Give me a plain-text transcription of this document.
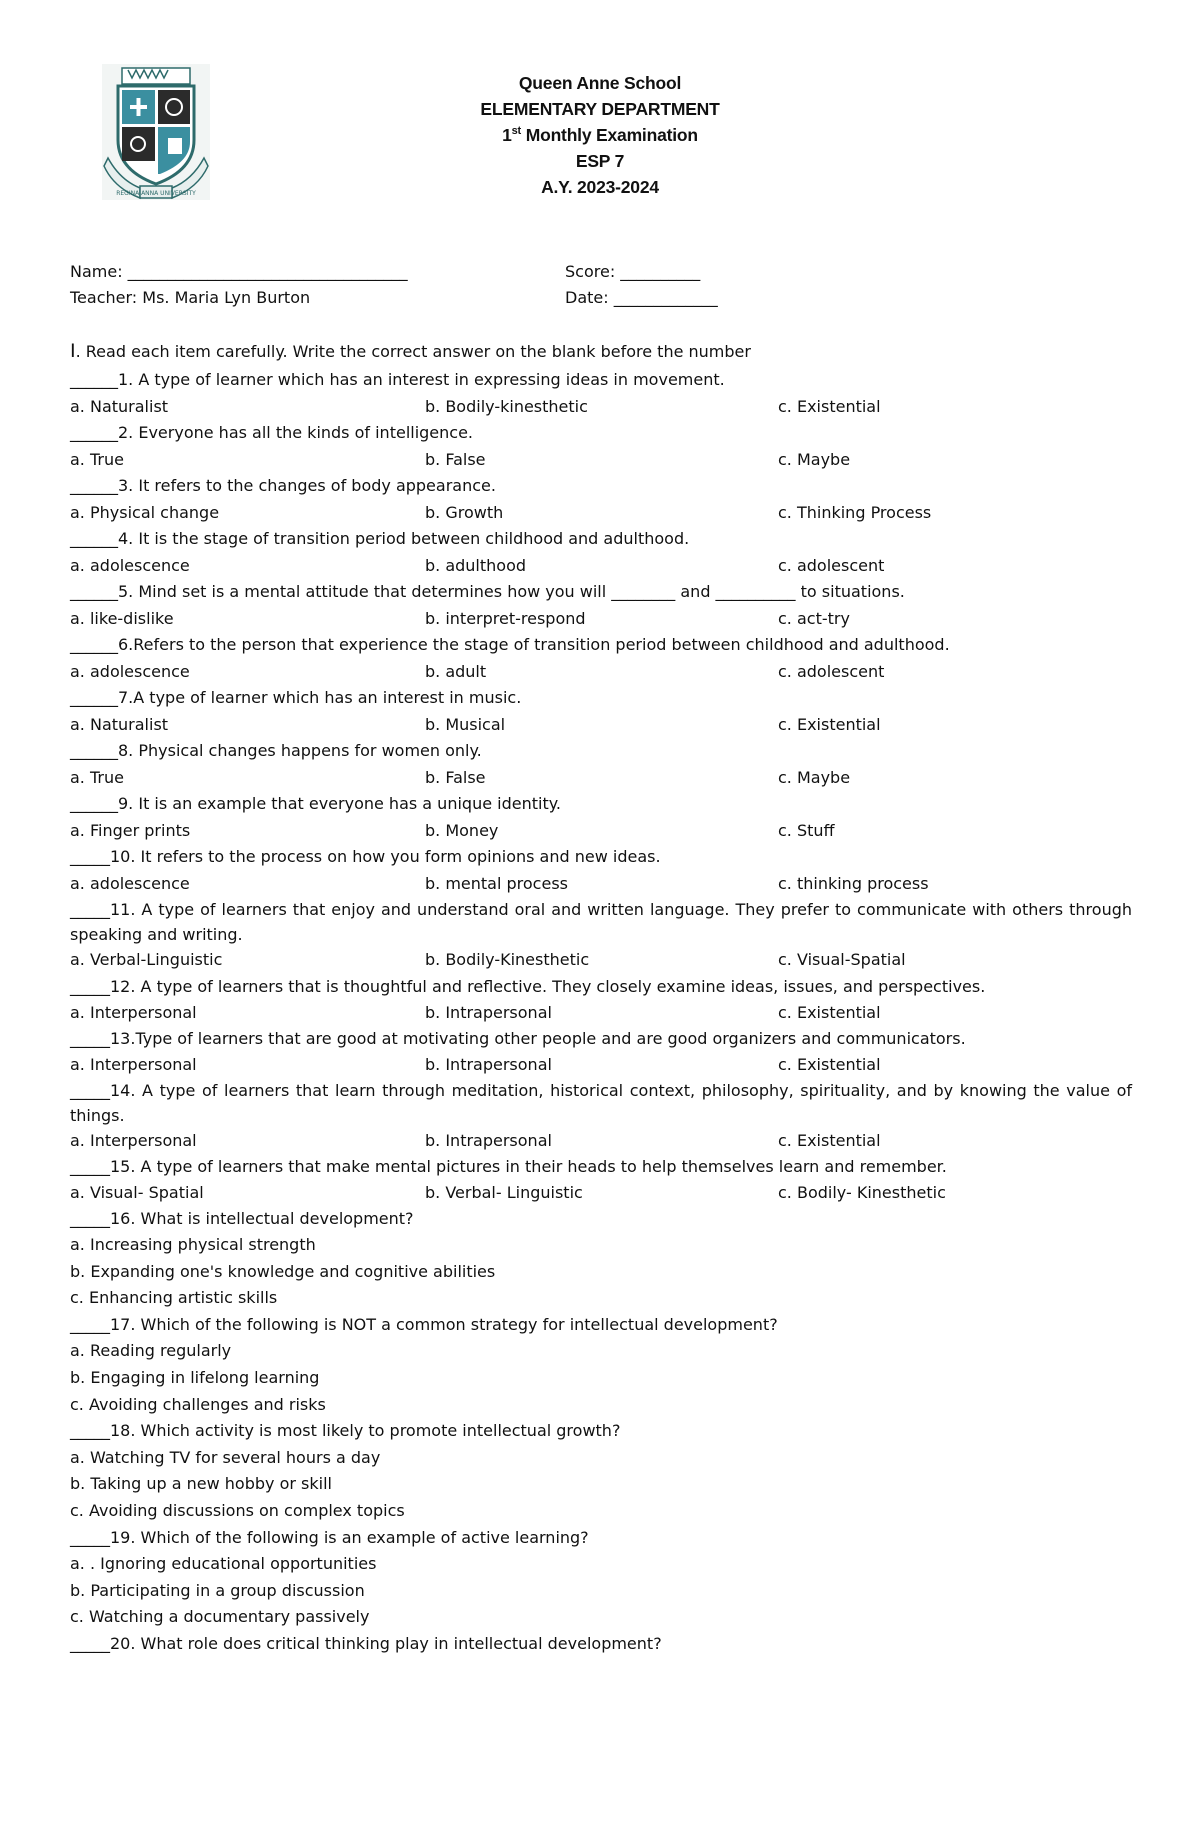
REGINA ANNA UNIVERSITY
Queen Anne School
ELEMENTARY DEPARTMENT
1st Monthly Examination
ESP 7
A.Y. 2023-2024
Name: ___________________________________	Score: __________
Teacher: Ms. Maria Lyn Burton	Date: _____________
I. Read each item carefully. Write the correct answer on the blank before the number
______1. A type of learner which has an interest in expressing ideas in movement.
a. Naturalist	b. Bodily-kinesthetic	c. Existential
______2. Everyone has all the kinds of intelligence.
a. True	b. False	c. Maybe
______3. It refers to the changes of body appearance.
a. Physical change	b. Growth	c. Thinking Process
______4. It is the stage of transition period between childhood and adulthood.
a. adolescence	b. adulthood	c. adolescent
______5. Mind set is a mental attitude that determines how you will ________ and __________ to situations.
a. like-dislike	b. interpret-respond	c. act-try
______6.Refers to the person that experience the stage of transition period between childhood and adulthood.
a. adolescence	b. adult	c. adolescent
______7.A type of learner which has an interest in music.
a. Naturalist	b. Musical	c. Existential
______8. Physical changes happens for women only.
a. True	b. False	c. Maybe
______9. It is an example that everyone has a unique identity.
a. Finger prints	b. Money	c. Stuff
_____10. It refers to the process on how you form opinions and new ideas.
a. adolescence	b. mental process	c. thinking process
_____11. A type of learners that enjoy and understand oral and written language. They prefer to communicate with others through speaking and writing.
a. Verbal-Linguistic	b. Bodily-Kinesthetic	c. Visual-Spatial
_____12. A type of learners that is thoughtful and reflective. They closely examine ideas, issues, and perspectives.
a. Interpersonal	b. Intrapersonal	c. Existential
_____13.Type of learners that are good at motivating other people and are good organizers and communicators.
a. Interpersonal	b. Intrapersonal	c. Existential
_____14. A type of learners that learn through meditation, historical context, philosophy, spirituality, and by knowing the value of things.
a. Interpersonal	b. Intrapersonal	c. Existential
_____15. A type of learners that make mental pictures in their heads to help themselves learn and remember.
a. Visual- Spatial	b. Verbal- Linguistic	c. Bodily- Kinesthetic
_____16. What is intellectual development?
a. Increasing physical strength
b. Expanding one's knowledge and cognitive abilities
c. Enhancing artistic skills
_____17. Which of the following is NOT a common strategy for intellectual development?
a. Reading regularly
b. Engaging in lifelong learning
c. Avoiding challenges and risks
_____18. Which activity is most likely to promote intellectual growth?
a. Watching TV for several hours a day
b. Taking up a new hobby or skill
c. Avoiding discussions on complex topics
_____19. Which of the following is an example of active learning?
a. . Ignoring educational opportunities
b. Participating in a group discussion
c. Watching a documentary passively
_____20. What role does critical thinking play in intellectual development?
